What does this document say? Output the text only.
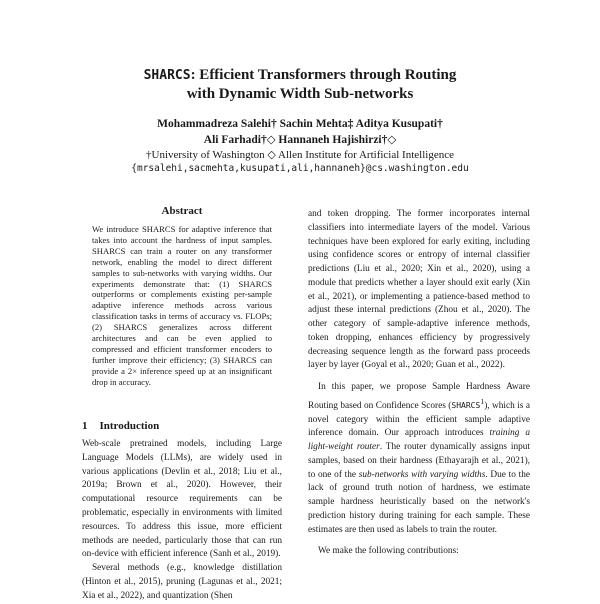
SHARCS: Efficient Transformers through Routing
with Dynamic Width Sub-networks
Mohammadreza Salehi† Sachin Mehta‡ Aditya Kusupati†
Ali Farhadi†◇ Hannaneh Hajishirzi†◇
†University of Washington ◇ Allen Institute for Artificial Intelligence
{mrsalehi,sacmehta,kusupati,ali,hannaneh}@cs.washington.edu
Abstract
We introduce SHARCS for adaptive inference that takes into account the hardness of input samples. SHARCS can train a router on any transformer network, enabling the model to direct different samples to sub-networks with varying widths. Our experiments demonstrate that: (1) SHARCS outperforms or complements existing per-sample adaptive inference methods across various classification tasks in terms of accuracy vs. FLOPs; (2) SHARCS generalizes across different architectures and can be even applied to compressed and efficient transformer encoders to further improve their efficiency; (3) SHARCS can provide a 2× inference speed up at an insignificant drop in accuracy.
1 Introduction

Web-scale pretrained models, including Large Language Models (LLMs), are widely used in various applications (Devlin et al., 2018; Liu et al., 2019a; Brown et al., 2020). However, their computational resource requirements can be problematic, especially in environments with limited resources. To address this issue, more efficient methods are needed, particularly those that can run on-device with efficient inference (Sanh et al., 2019).

Several methods (e.g., knowledge distillation (Hinton et al., 2015), pruning (Lagunas et al., 2021; Xia et al., 2022), and quantization (Shen

and token dropping. The former incorporates internal classifiers into intermediate layers of the model. Various techniques have been explored for early exiting, including using confidence scores or entropy of internal classifier predictions (Liu et al., 2020; Xin et al., 2020), using a module that predicts whether a layer should exit early (Xin et al., 2021), or implementing a patience-based method to adjust these internal predictions (Zhou et al., 2020). The other category of sample-adaptive inference methods, token dropping, enhances efficiency by progressively decreasing sequence length as the forward pass proceeds layer by layer (Goyal et al., 2020; Guan et al., 2022).

In this paper, we propose Sample Hardness Aware Routing based on Confidence Scores (SHARCS$^1$), which is a novel category within the efficient sample adaptive inference domain. Our approach introduces training a light-weight router. The router dynamically assigns input samples, based on their hardness (Ethayarajh et al., 2021), to one of the sub-networks with varying widths. Due to the lack of ground truth notion of hardness, we estimate sample hardness heuristically based on the network's prediction history during training for each sample. These estimates are then used as labels to train the router.

We make the following contributions:
